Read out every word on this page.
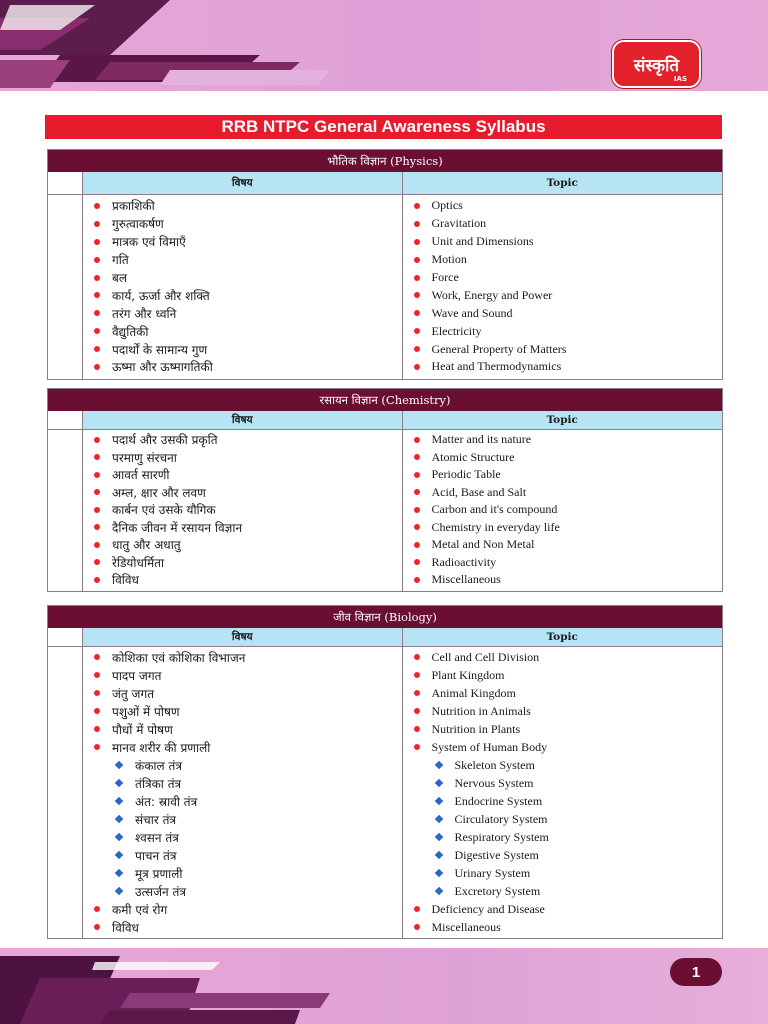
संस्कृति
IAS
RRB NTPC General Awareness Syllabus
भौतिक विज्ञान (Physics)
विषय
प्रकाशिकी
गुरुत्वाकर्षण
मात्रक एवं विमाएँ
गति
बल
कार्य, ऊर्जा और शक्ति
तरंग और ध्वनि
वैद्युतिकी
पदार्थों के सामान्य गुण
ऊष्मा और ऊष्मागतिकी
Topic
Optics
Gravitation
Unit and Dimensions
Motion
Force
Work, Energy and Power
Wave and Sound
Electricity
General Property of Matters
Heat and Thermodynamics
रसायन विज्ञान (Chemistry)
विषय
पदार्थ और उसकी प्रकृति
परमाणु संरचना
आवर्त सारणी
अम्ल, क्षार और लवण
कार्बन एवं उसके यौगिक
दैनिक जीवन में रसायन विज्ञान
धातु और अधातु
रेडियोधर्मिता
विविध
Topic
Matter and its nature
Atomic Structure
Periodic Table
Acid, Base and Salt
Carbon and it's compound
Chemistry in everyday life
Metal and Non Metal
Radioactivity
Miscellaneous
जीव विज्ञान (Biology)
विषय
कोशिका एवं कोशिका विभाजन
पादप जगत
जंतु जगत
पशुओं में पोषण
पौधों में पोषण
मानव शरीर की प्रणाली
कंकाल तंत्र
तंत्रिका तंत्र
अंत: स्रावी तंत्र
संचार तंत्र
श्वसन तंत्र
पाचन तंत्र
मूत्र प्रणाली
उत्सर्जन तंत्र
कमी एवं रोग
विविध
Topic
Cell and Cell Division
Plant Kingdom
Animal Kingdom
Nutrition in Animals
Nutrition in Plants
System of Human Body
Skeleton System
Nervous System
Endocrine System
Circulatory System
Respiratory System
Digestive System
Urinary System
Excretory System
Deficiency and Disease
Miscellaneous
1
